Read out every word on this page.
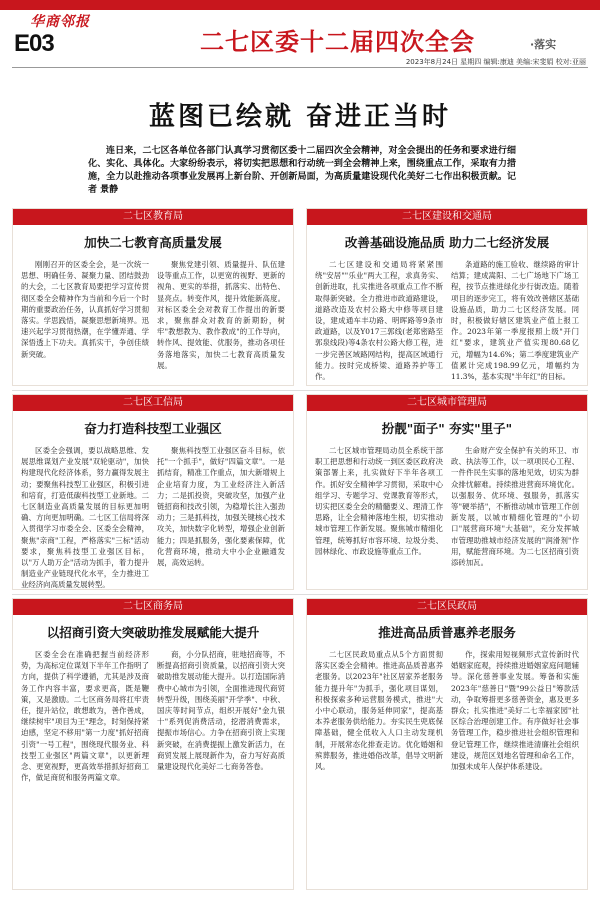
华商邻报
E03	二七区委十二届四次全会	·落实
2023年8月24日 星期四 编辑:康迪 美编:宋斐娟 校对:亚丽
蓝图已绘就 奋进正当时
连日来，二七区各单位各部门认真学习贯彻区委十二届四次全会精神，对全会提出的任务和要求进行细化、实化、具体化。大家纷纷表示，将切实把思想和行动统一到全会精神上来，围绕重点工作，采取有力措施，全力以赴推动各项事业发展再上新台阶、开创新局面，为高质量建设现代化美好二七作出积极贡献。记者 景静
二七区教育局
加快二七教育高质量发展

刚刚召开的区委全会，是一次统一思想、明确任务、凝聚力量、团结鼓劲的大会，二七区教育局要把学习宣传贯彻区委全会精神作为当前和今后一个时期的重要政治任务，认真抓好学习贯彻落实。学思践悟，凝聚思想新境界。迅速兴起学习贯彻热潮，在学懂弄通、学深悟透上下功夫。真抓实干，争创佳绩新突破。

聚焦党建引领、质量提升、队伍建设等重点工作，以更宽的视野、更新的视角、更实的举措，抓落实、出特色、显亮点。转变作风，提升效能新高度。对标区委全会对教育工作提出的新要求，聚焦群众对教育的新期盼，树牢"教想教为、教作教成"的工作导向，转作风、提效能、优服务，推动各项任务落地落实，加快二七教育高质量发展。

二七区建设和交通局
改善基础设施品质 助力二七经济发展

二七区建设和交通局将紧紧围绕"安居""乐业"两大工程，求真务实、创新进取，扎实推进各项重点工作不断取得新突破。全力推进市政道路建设，道路改造及农村公路大中修等项目建设，建成通车丰功路、明晖路等9条市政道路，以及Y017三郭线(老郑密路至郭泉线段)等4条农村公路大修工程，进一步完善区域路网结构，提高区域通行能力。按时完成桥梁、道路养护等工作。

条道路的施工验收、继续路的审计结算；建成嵩阳、二七广场地下广场工程，按节点推进绿化步行街改造。随着项目的逐步完工，将有效改善辖区基础设施品质，助力二七区经济发展。同时，积极做好辖区建筑业产值上报工作。2023年第一季度报照上级"开门红"要求，建筑业产值实现80.68亿元，增幅为14.6%；第二季度建筑业产值累计完成198.99亿元，增幅约为11.3%，基本实现"半年红"的目标。

二七区工信局
奋力打造科技型工业强区

区委全会强调，要以战略思维、发展思维谋划产业发展"双轮驱动"，加快构建现代化经济体系，努力赢得发展主动；要聚焦科技型工业强区，积极引进和培育，打造低碳科技型工业新地。二七区制造业高质量发展的目标更加明确、方向更加明确。二七区工信局将深入贯彻学习市委全会、区委全会精神，聚焦"亲商"工程，严格落实"三标"活动要求，聚焦科技型工业强区目标，以"万人助万企"活动为抓手，着力提升制造业产业链现代化水平，全力推进工业经济向高质量发展转型。

聚焦科技型工业强区奋斗目标，依托"一个抓手"，做好"四篇文章"。一是抓结育，精准工作重点，加大新增规上企业培育力度，为工业经济注入新活力；二是抓投资，突破攻坚，加强产业链招商和技改引领，为稳增长注入强劲动力；三是抓科技，加强关键核心技术攻关，加快数字化转型，增强企业创新能力；四是抓服务，强化要素保障，优化营商环境，推动大中小企业融通发展，高效运转。

二七区城市管理局
扮靓"面子" 夯实"里子"

二七区城市管理局动员全系统干部职工把思想和行动统一到区委区政府决策部署上来，扎实做好下半年各项工作。抓好安全精神学习贯彻，采取中心组学习、专题学习、党课教育等形式，切实把区委全会的精髓要义、理清工作思路，让全会精神落地生根，切实推动城市管理工作新发展。聚焦城市精细化管理，统筹抓好市容环境、垃圾分类、园林绿化、市政设施等重点工作。

生命财产安全保护有关的环卫、市政、执法等工作，以一项项民心工程、一件件民生实事的落地见效，切实为群众排忧解难。持续推进营商环境优化。以强服务、优环境、强服务，抓落实等"硬举措"，不断推动城市管理工作创新发展，以城市精细化管理的"小切口"展营商环境"大基础"，充分发挥城市管理助推城市经济发展的"润滑剂"作用，赋能营商环境。为二七区招商引资添砖加瓦。

二七区商务局
以招商引资大突破助推发展赋能大提升

区委全会在准确把握当前经济形势，为高标定位谋划下半年工作指明了方向，提供了科学遵循，尤其是涉及商务工作内容丰富，要求更高，既是鞭策，又是激励。二七区商务局将扛牢责任，提升站位，敢想敢为，善作善成，继续树牢"项目为王"理念，时刻保持紧迫感，坚定不移用"第一力度"抓好招商引资"一号工程"，围绕现代服务业、科技型工业强区"两篇文章"，以更新理念、更宽视野，更高效举措抓好招商工作，做足商贸和服务两篇文章。

商，小分队招商，驻地招商等，不断提高招商引资质量，以招商引资大突破助推发展动能大提升。以打造国际消费中心城市为引领，全面推进现代商贸转型升级，围绕美丽"开学季"、中秋、国庆等时间节点，组织开展好"金九银十"系列促消费活动，挖潜消费需求，提振市场信心。力争在招商引资上实现新突破，在消费提振上激发新活力，在商贸发展上展现新作为，奋力写好高质量建设现代化美好二七商务答卷。

二七区民政局
推进高品质普惠养老服务

二七区民政局重点从5个方面贯彻落实区委全会精神。推进高品质普惠养老服务。以2023年"社区居家养老服务能力提升年"为抓手，强化项目谋划，积极探索多种运营服务模式，推进"大小中心联动，服务延伸同家"，提高基本养老服务供给能力。夯实民生兜底保障基础，健全低收入人口主动发现机制，开展常态化排查走访。优化婚姻和殡葬服务，推进婚俗改革，倡导文明新风。

作，探索用短视频形式宣传新时代婚姻家庭观，持续推进婚姻家庭问题辅导。深化慈善事业发展。筹备和实施2023年"慈善日"暨"99公益日"筹款活动，争取筹措更多慈善资金，惠及更多群众；扎实推进"美好二七幸福家园"社区综合治理创建工作。有序做好社会事务管理工作，稳步推进社会组织管理和登记管理工作，继续推进清廉社会组织建设，规范区划地名管理和命名工作，加强未成年人保护体系建设。
